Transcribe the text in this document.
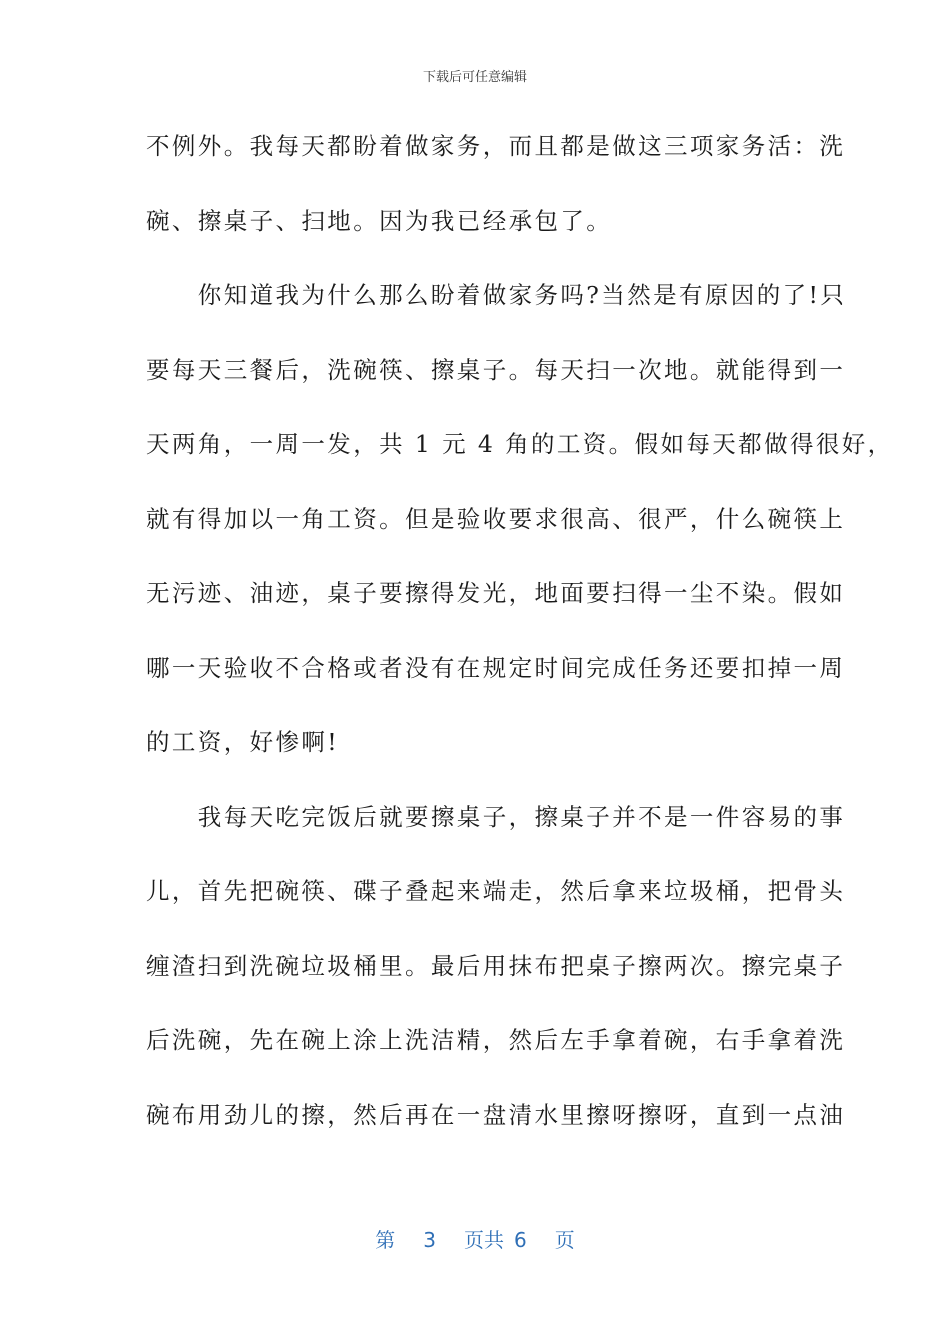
下载后可任意编辑
不例外。我每天都盼着做家务，而且都是做这三项家务活：洗
碗、擦桌子、扫地。因为我已经承包了。
　　你知道我为什么那么盼着做家务吗?当然是有原因的了!只
要每天三餐后，洗碗筷、擦桌子。每天扫一次地。就能得到一
天两角，一周一发，共 1 元 4 角的工资。假如每天都做得很好，
就有得加以一角工资。但是验收要求很高、很严，什么碗筷上
无污迹、油迹，桌子要擦得发光，地面要扫得一尘不染。假如
哪一天验收不合格或者没有在规定时间完成任务还要扣掉一周
的工资，好惨啊!
　　我每天吃完饭后就要擦桌子，擦桌子并不是一件容易的事
儿，首先把碗筷、碟子叠起来端走，然后拿来垃圾桶，把骨头
缠渣扫到洗碗垃圾桶里。最后用抹布把桌子擦两次。擦完桌子
后洗碗，先在碗上涂上洗洁精，然后左手拿着碗，右手拿着洗
碗布用劲儿的擦，然后再在一盘清水里擦呀擦呀，直到一点油
第 3 页共 6 页
